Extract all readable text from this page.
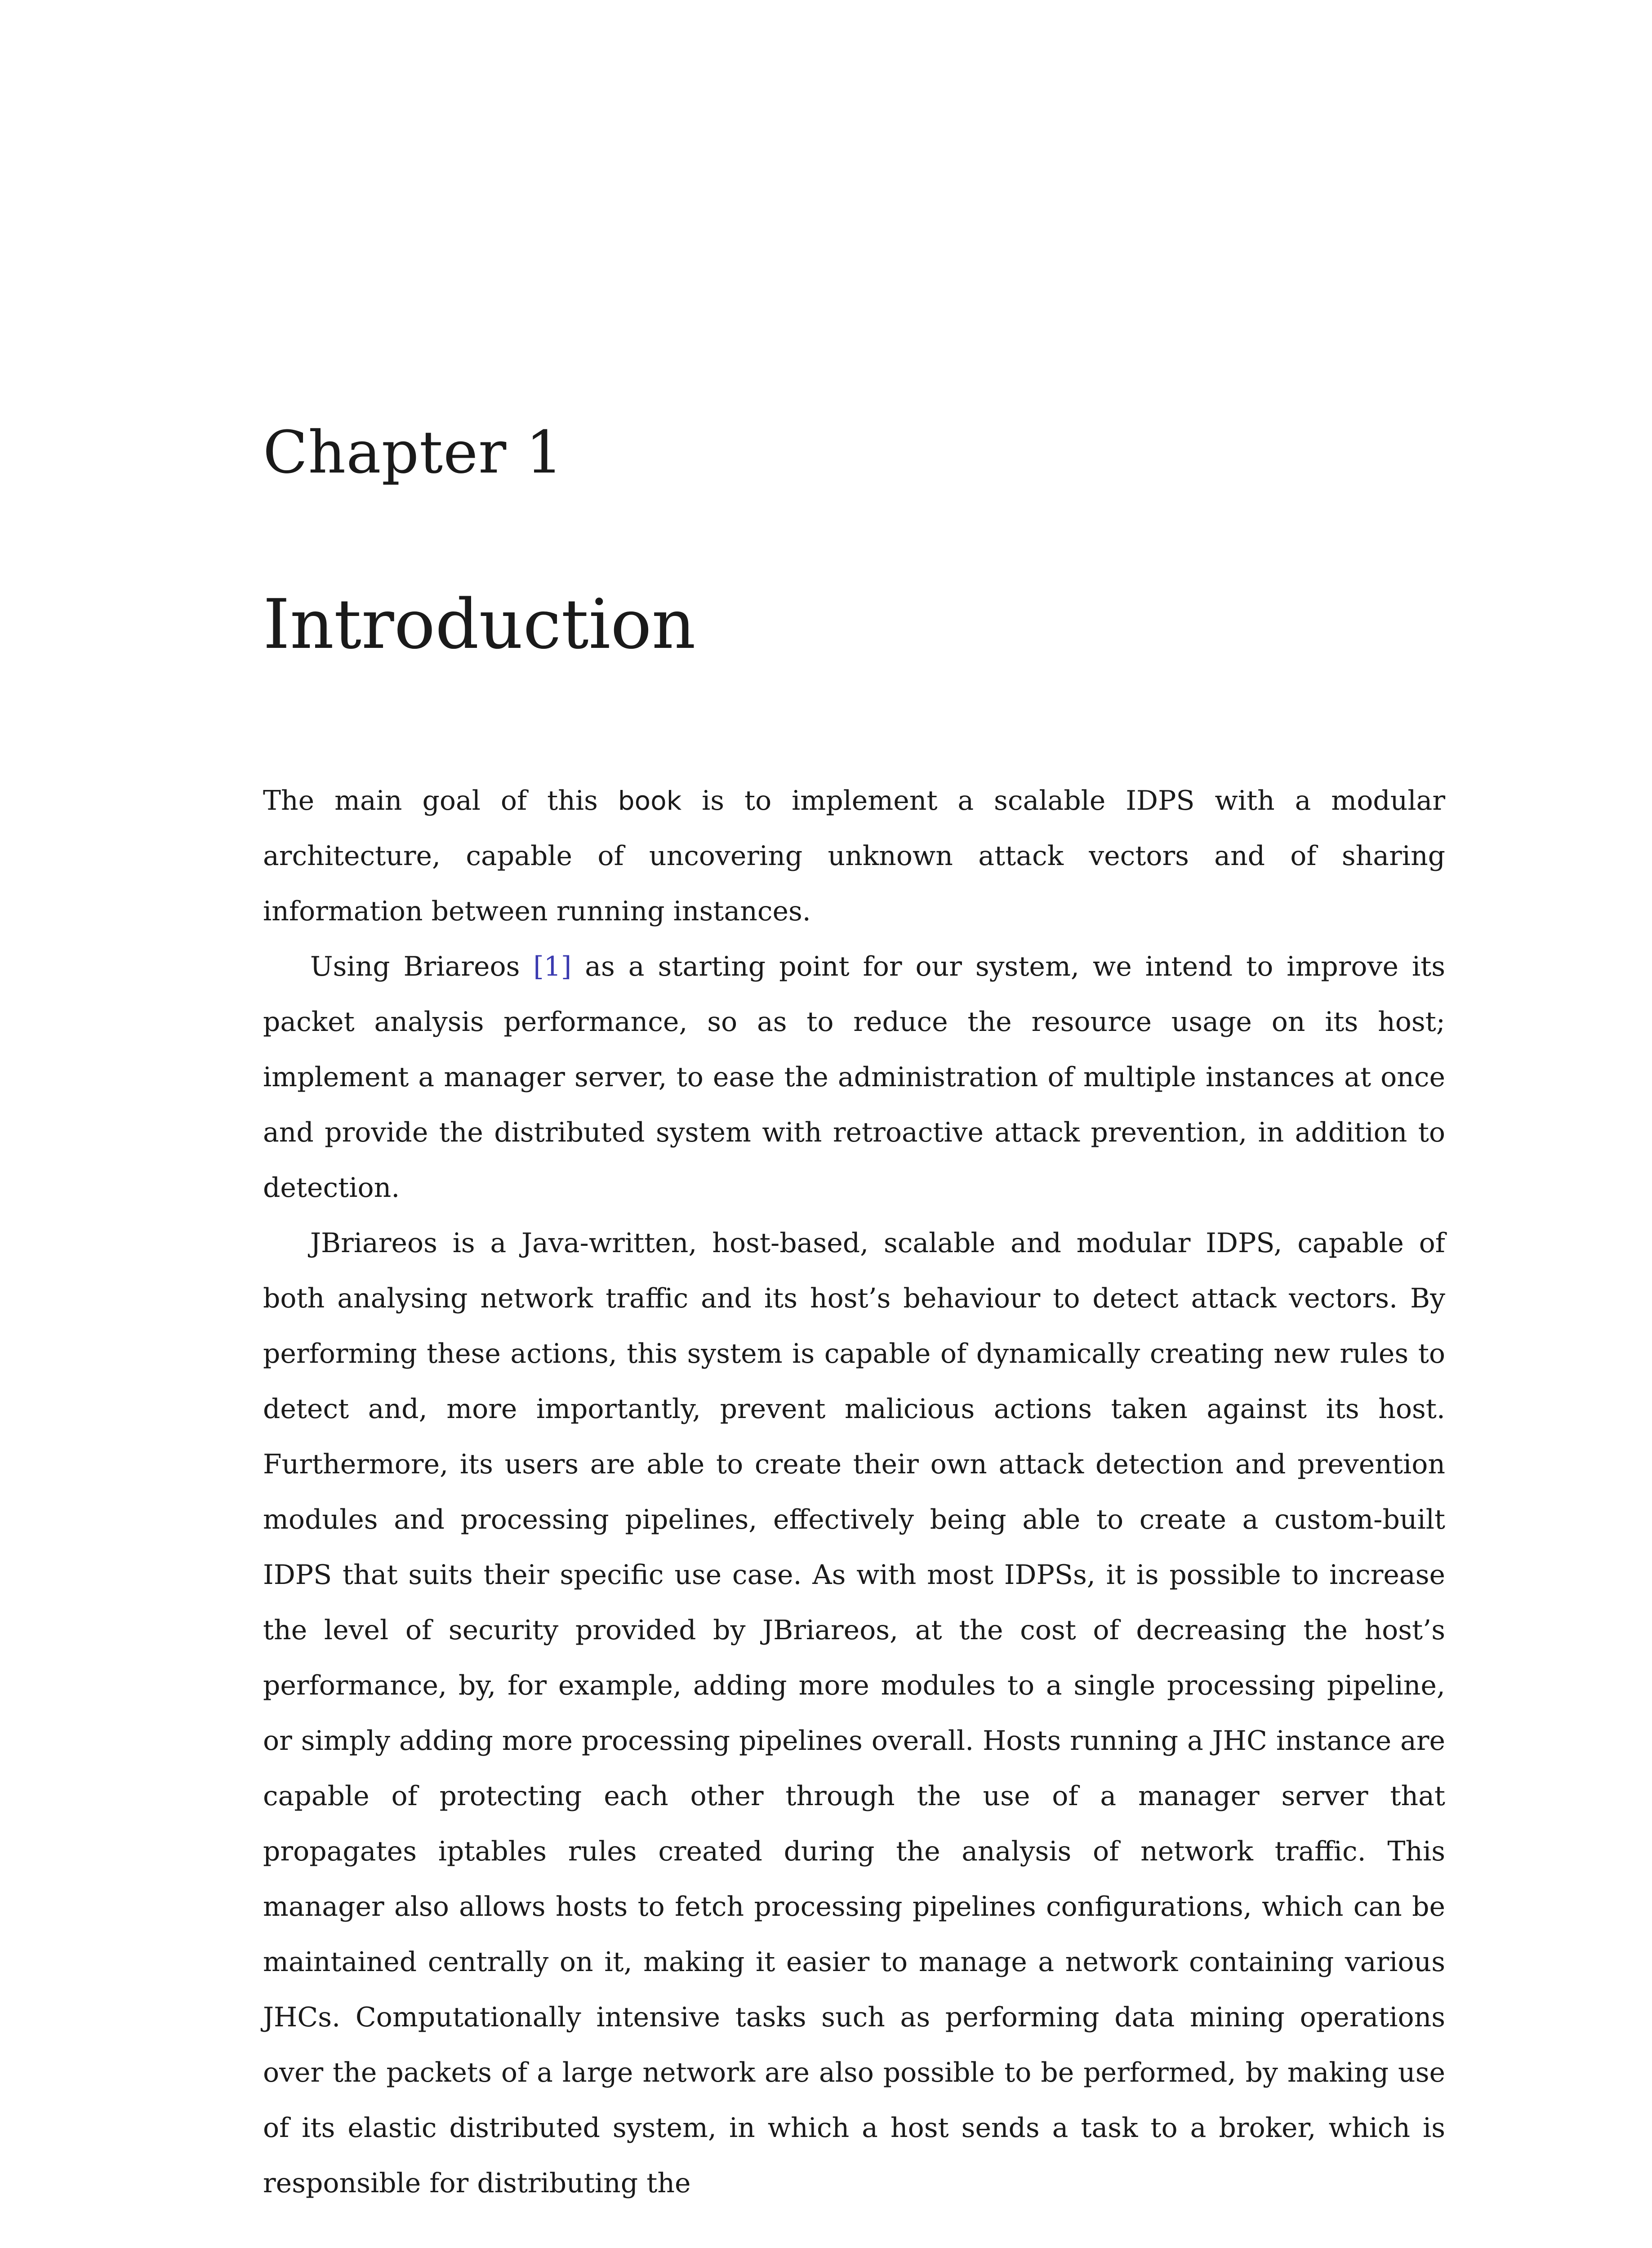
Chapter 1
Introduction

The main goal of this book is to implement a scalable IDPS with a modular architecture, capable of uncovering unknown attack vectors and of sharing information between running instances.

Using Briareos [1] as a starting point for our system, we intend to improve its packet analysis performance, so as to reduce the resource usage on its host; implement a manager server, to ease the administration of multiple instances at once and provide the distributed system with retroactive attack prevention, in addition to detection.

JBriareos is a Java-written, host-based, scalable and modular IDPS, capable of both analysing network traffic and its host’s behaviour to detect attack vectors. By performing these actions, this system is capable of dynamically creating new rules to detect and, more importantly, prevent malicious actions taken against its host. Furthermore, its users are able to create their own attack detection and prevention modules and processing pipelines, effectively being able to create a custom-built IDPS that suits their specific use case. As with most IDPSs, it is possible to increase the level of security provided by JBriareos, at the cost of decreasing the host’s performance, by, for example, adding more modules to a single processing pipeline, or simply adding more processing pipelines overall. Hosts running a JHC instance are capable of protecting each other through the use of a manager server that propagates iptables rules created during the analysis of network traffic. This manager also allows hosts to fetch processing pipelines configurations, which can be maintained centrally on it, making it easier to manage a network containing various JHCs. Computationally intensive tasks such as performing data mining operations over the packets of a large network are also possible to be performed, by making use of its elastic distributed system, in which a host sends a task to a broker, which is responsible for distributing the
